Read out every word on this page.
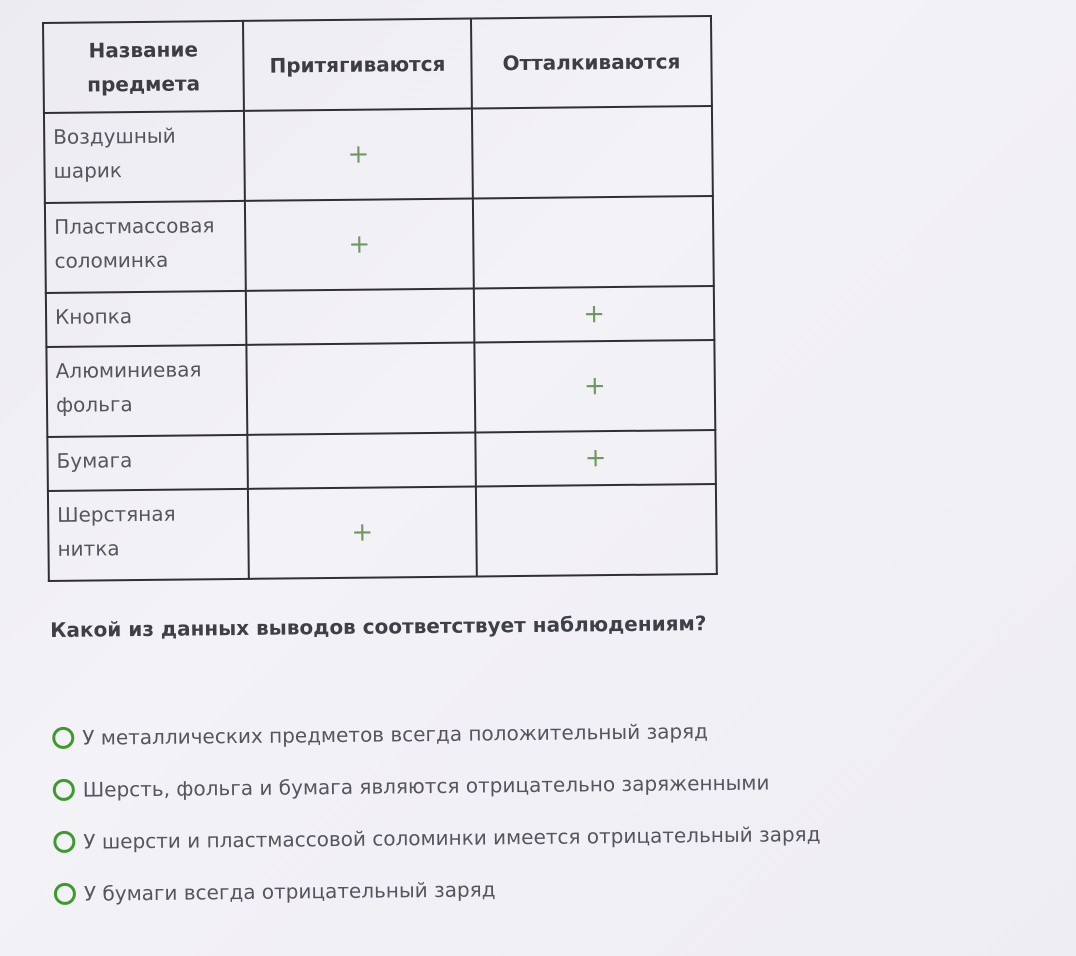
Название предмета	Притягиваются	Отталкиваются
Воздушный шарик	+	
Пластмассовая соломинка	+	
Кнопка		+
Алюминиевая фольга		+
Бумага		+
Шерстяная нитка	+	
Какой из данных выводов соответствует наблюдениям?
У металлических предметов всегда положительный заряд
Шерсть, фольга и бумага являются отрицательно заряженными
У шерсти и пластмассовой соломинки имеется отрицательный заряд
У бумаги всегда отрицательный заряд
